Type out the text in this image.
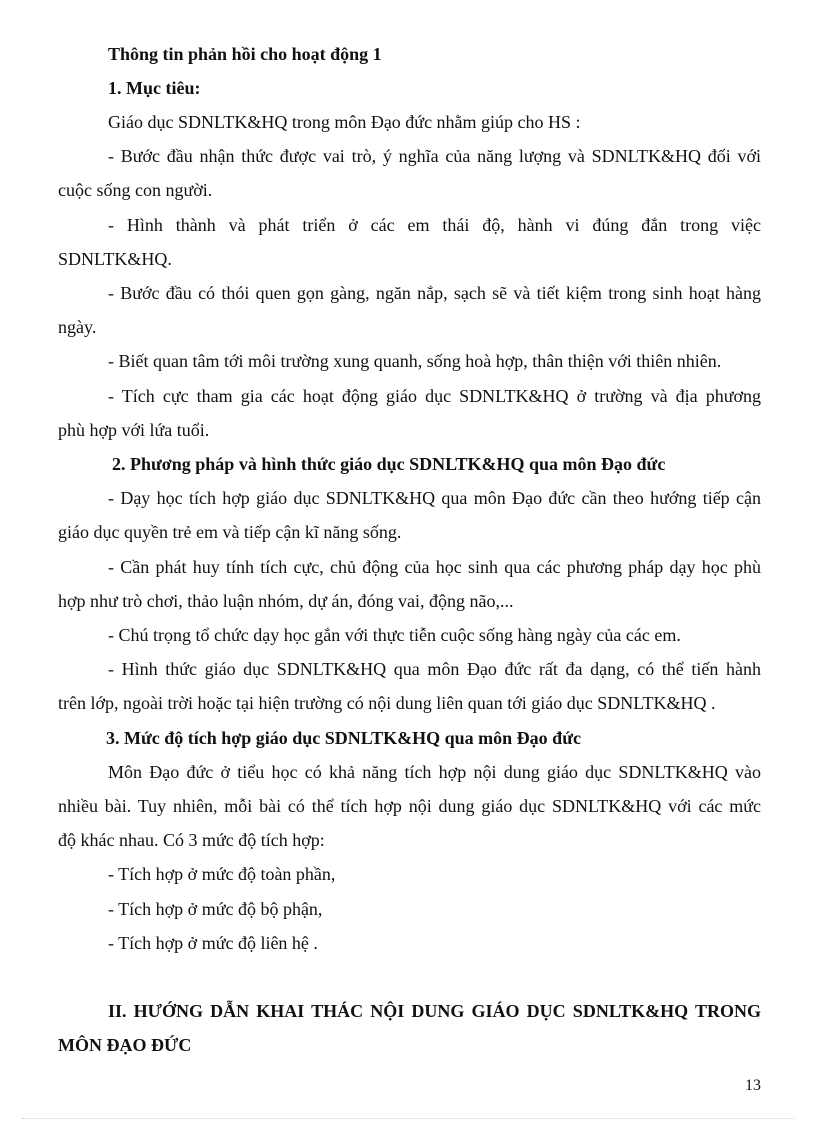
Thông tin phản hồi cho hoạt động 1

1. Mục tiêu:

Giáo dục SDNLTK&HQ trong môn Đạo đức nhằm giúp cho HS :

- Bước đầu nhận thức được vai trò, ý nghĩa của năng lượng và SDNLTK&HQ đối với

cuộc sống con người.

- Hình thành và phát triển ở các em thái độ, hành vi đúng đắn trong việc

SDNLTK&HQ.

- Bước đầu có thói quen gọn gàng, ngăn nắp, sạch sẽ và tiết kiệm trong sinh hoạt hàng

ngày.

- Biết quan tâm tới môi trường xung quanh, sống hoà hợp, thân thiện với thiên nhiên.

- Tích cực tham gia các hoạt động giáo dục SDNLTK&HQ ở trường và địa phương

phù hợp với lứa tuổi.

2. Phương pháp và hình thức giáo dục SDNLTK&HQ qua môn Đạo đức

- Dạy học tích hợp giáo dục SDNLTK&HQ qua môn Đạo đức cần theo hướng tiếp cận

giáo dục quyền trẻ em và tiếp cận kĩ năng sống.

- Cần phát huy tính tích cực, chủ động của học sinh qua các phương pháp dạy học phù

hợp như trò chơi, thảo luận nhóm, dự án, đóng vai, động não,...

- Chú trọng tổ chức dạy học gắn với thực tiễn cuộc sống hàng ngày của các em.

- Hình thức giáo dục SDNLTK&HQ qua môn Đạo đức rất đa dạng, có thể tiến hành

trên lớp, ngoài trời hoặc tại hiện trường có nội dung liên quan tới giáo dục SDNLTK&HQ .

3. Mức độ tích hợp giáo dục SDNLTK&HQ qua môn Đạo đức

Môn Đạo đức ở tiểu học có khả năng tích hợp nội dung giáo dục SDNLTK&HQ vào

nhiều bài. Tuy nhiên, mỗi bài có thể tích hợp nội dung giáo dục SDNLTK&HQ với các mức

độ khác nhau. Có 3 mức độ tích hợp:

- Tích hợp ở mức độ toàn phần,

- Tích hợp ở mức độ bộ phận,

- Tích hợp ở mức độ liên hệ .

II. HƯỚNG DẪN KHAI THÁC NỘI DUNG GIÁO DỤC SDNLTK&HQ TRONG

MÔN ĐẠO ĐỨC

13
